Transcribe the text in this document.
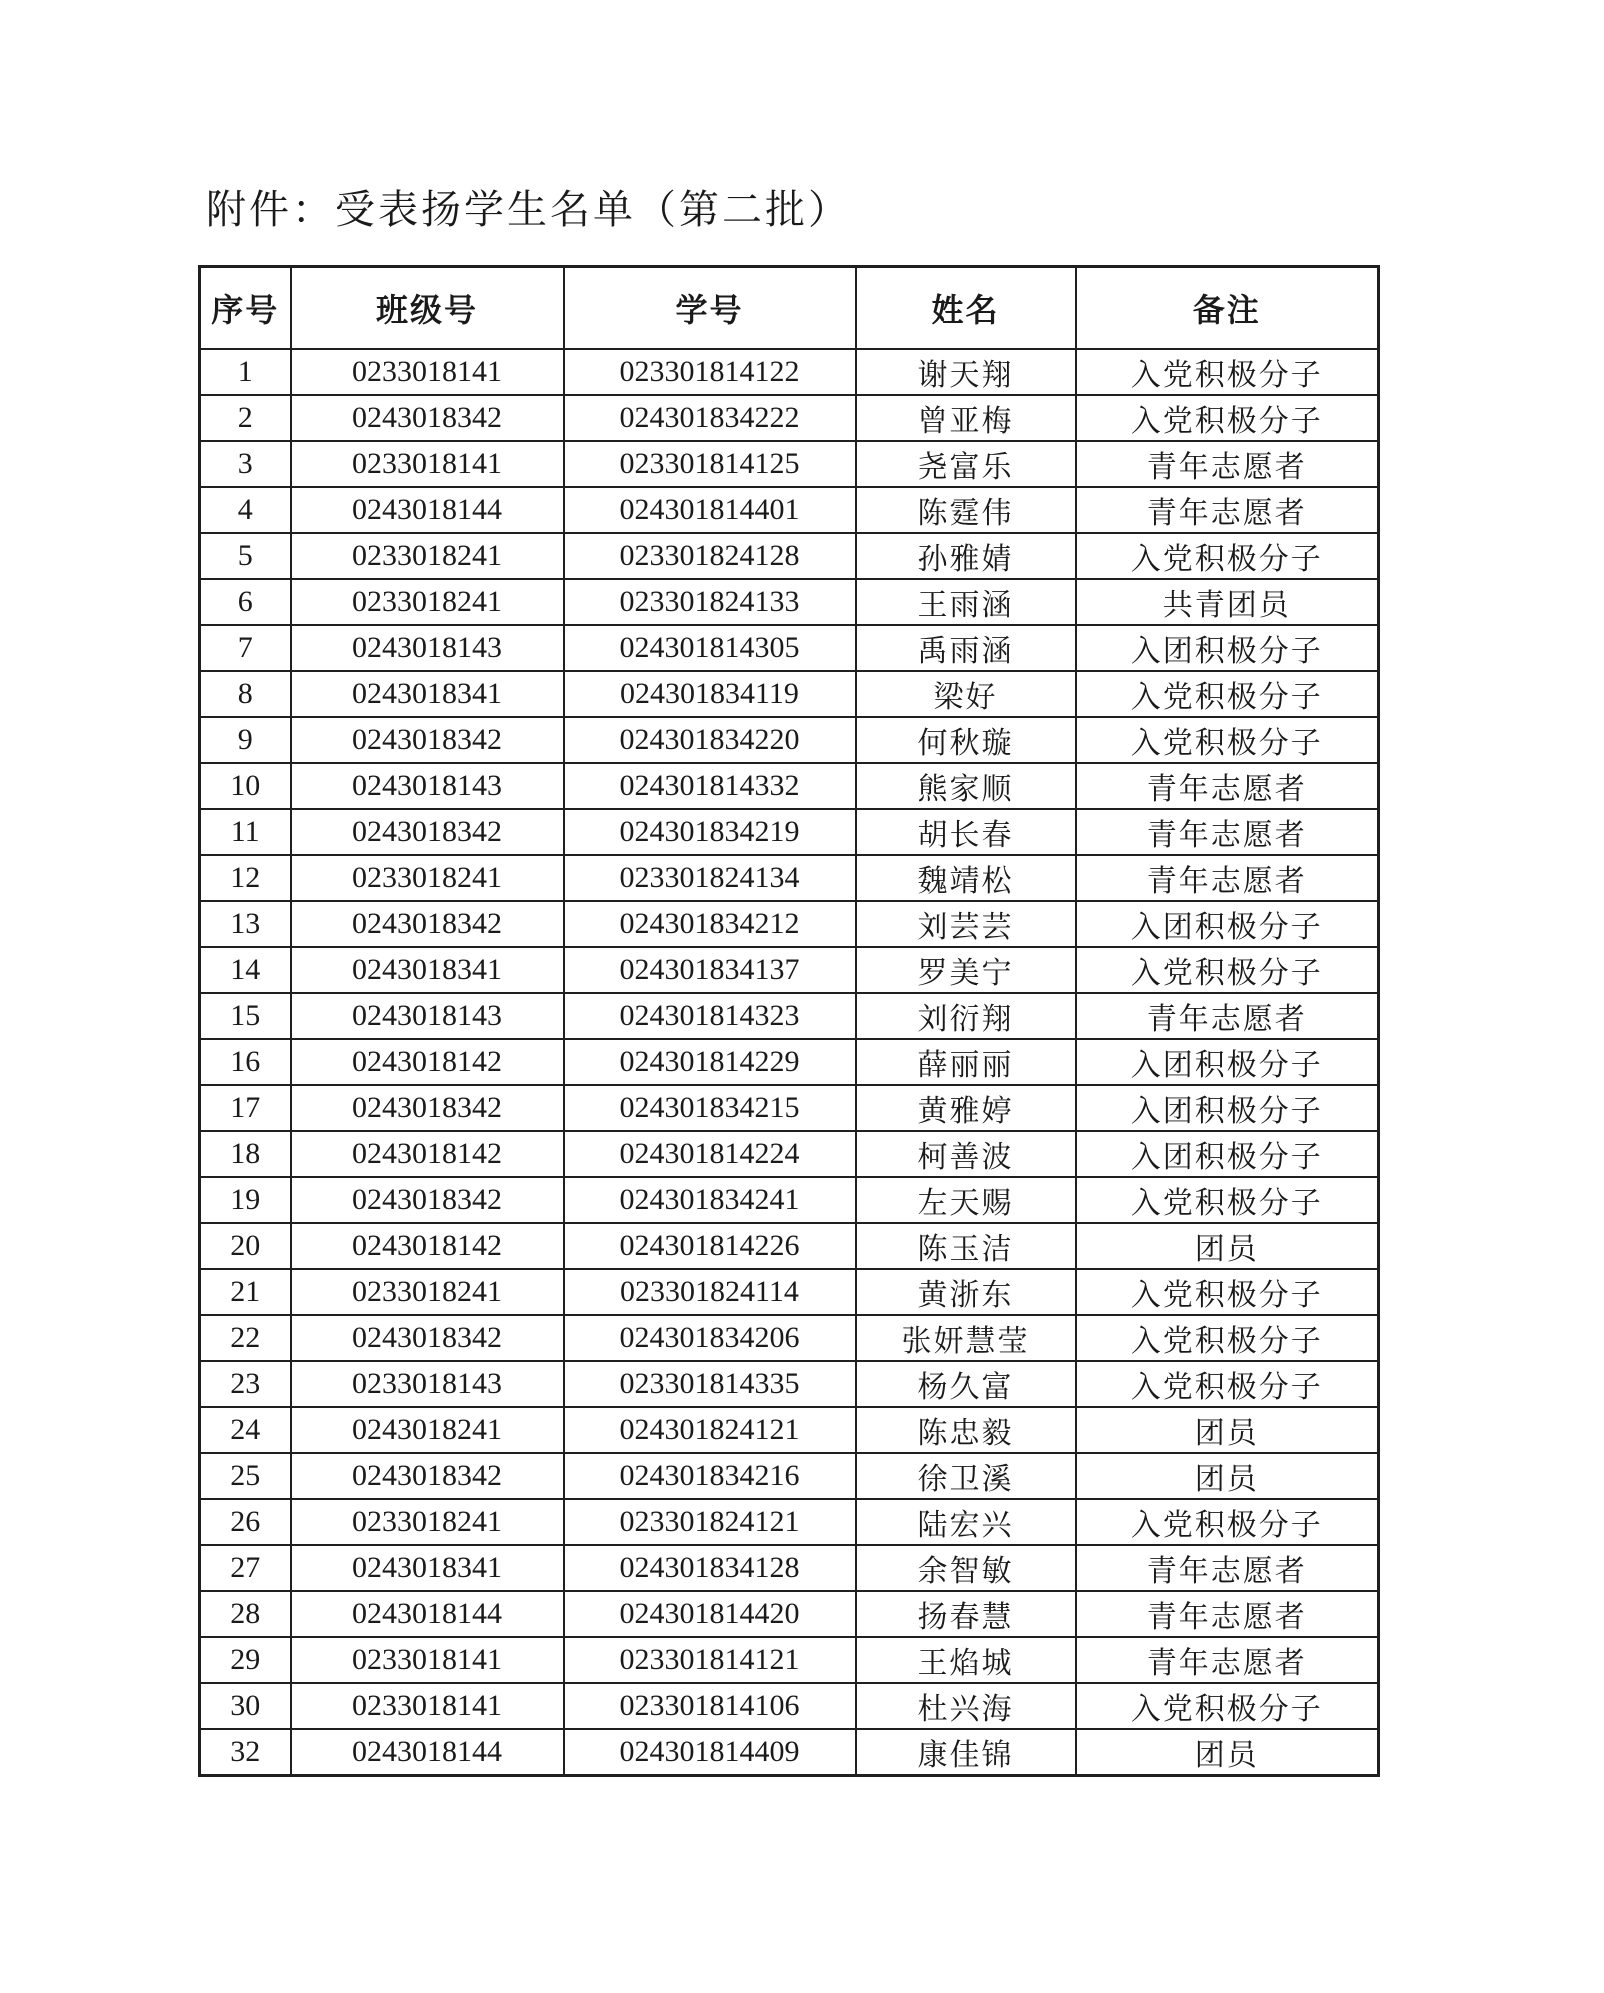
附件：受表扬学生名单（第二批）
序号	班级号	学号	姓名	备注
1	0233018141	023301814122	谢天翔	入党积极分子
2	0243018342	024301834222	曾亚梅	入党积极分子
3	0233018141	023301814125	尧富乐	青年志愿者
4	0243018144	024301814401	陈霆伟	青年志愿者
5	0233018241	023301824128	孙雅婧	入党积极分子
6	0233018241	023301824133	王雨涵	共青团员
7	0243018143	024301814305	禹雨涵	入团积极分子
8	0243018341	024301834119	梁好	入党积极分子
9	0243018342	024301834220	何秋璇	入党积极分子
10	0243018143	024301814332	熊家顺	青年志愿者
11	0243018342	024301834219	胡长春	青年志愿者
12	0233018241	023301824134	魏靖松	青年志愿者
13	0243018342	024301834212	刘芸芸	入团积极分子
14	0243018341	024301834137	罗美宁	入党积极分子
15	0243018143	024301814323	刘衍翔	青年志愿者
16	0243018142	024301814229	薛丽丽	入团积极分子
17	0243018342	024301834215	黄雅婷	入团积极分子
18	0243018142	024301814224	柯善波	入团积极分子
19	0243018342	024301834241	左天赐	入党积极分子
20	0243018142	024301814226	陈玉洁	团员
21	0233018241	023301824114	黄浙东	入党积极分子
22	0243018342	024301834206	张妍慧莹	入党积极分子
23	0233018143	023301814335	杨久富	入党积极分子
24	0243018241	024301824121	陈忠毅	团员
25	0243018342	024301834216	徐卫溪	团员
26	0233018241	023301824121	陆宏兴	入党积极分子
27	0243018341	024301834128	余智敏	青年志愿者
28	0243018144	024301814420	扬春慧	青年志愿者
29	0233018141	023301814121	王焰城	青年志愿者
30	0233018141	023301814106	杜兴海	入党积极分子
32	0243018144	024301814409	康佳锦	团员
